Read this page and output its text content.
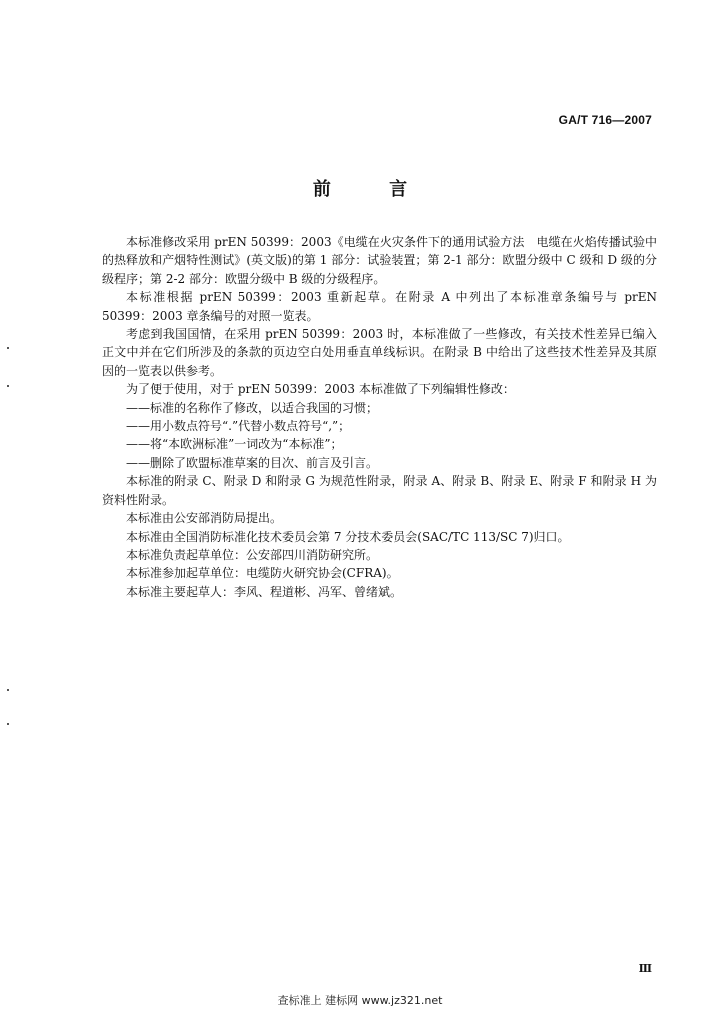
GA/T 716—2007
前 言

本标准修改采用 prEN 50399：2003《电缆在火灾条件下的通用试验方法　电缆在火焰传播试验中的热释放和产烟特性测试》(英文版)的第 1 部分：试验装置；第 2-1 部分：欧盟分级中 C 级和 D 级的分级程序；第 2-2 部分：欧盟分级中 B 级的分级程序。

本标准根据 prEN 50399：2003 重新起草。在附录 A 中列出了本标准章条编号与 prEN 50399：2003 章条编号的对照一览表。

考虑到我国国情，在采用 prEN 50399：2003 时，本标准做了一些修改，有关技术性差异已编入正文中并在它们所涉及的条款的页边空白处用垂直单线标识。在附录 B 中给出了这些技术性差异及其原因的一览表以供参考。

为了便于使用，对于 prEN 50399：2003 本标准做了下列编辑性修改：

——标准的名称作了修改，以适合我国的习惯；

——用小数点符号“.”代替小数点符号“,”；

——将“本欧洲标准”一词改为“本标准”；

——删除了欧盟标准草案的目次、前言及引言。

本标准的附录 C、附录 D 和附录 G 为规范性附录，附录 A、附录 B、附录 E、附录 F 和附录 H 为资料性附录。

本标准由公安部消防局提出。

本标准由全国消防标准化技术委员会第 7 分技术委员会(SAC/TC 113/SC 7)归口。

本标准负责起草单位：公安部四川消防研究所。

本标准参加起草单位：电缆防火研究协会(CFRA)。

本标准主要起草人：李风、程道彬、冯军、曾绪斌。

Ⅲ
查标准上 建标网 www.jz321.net
